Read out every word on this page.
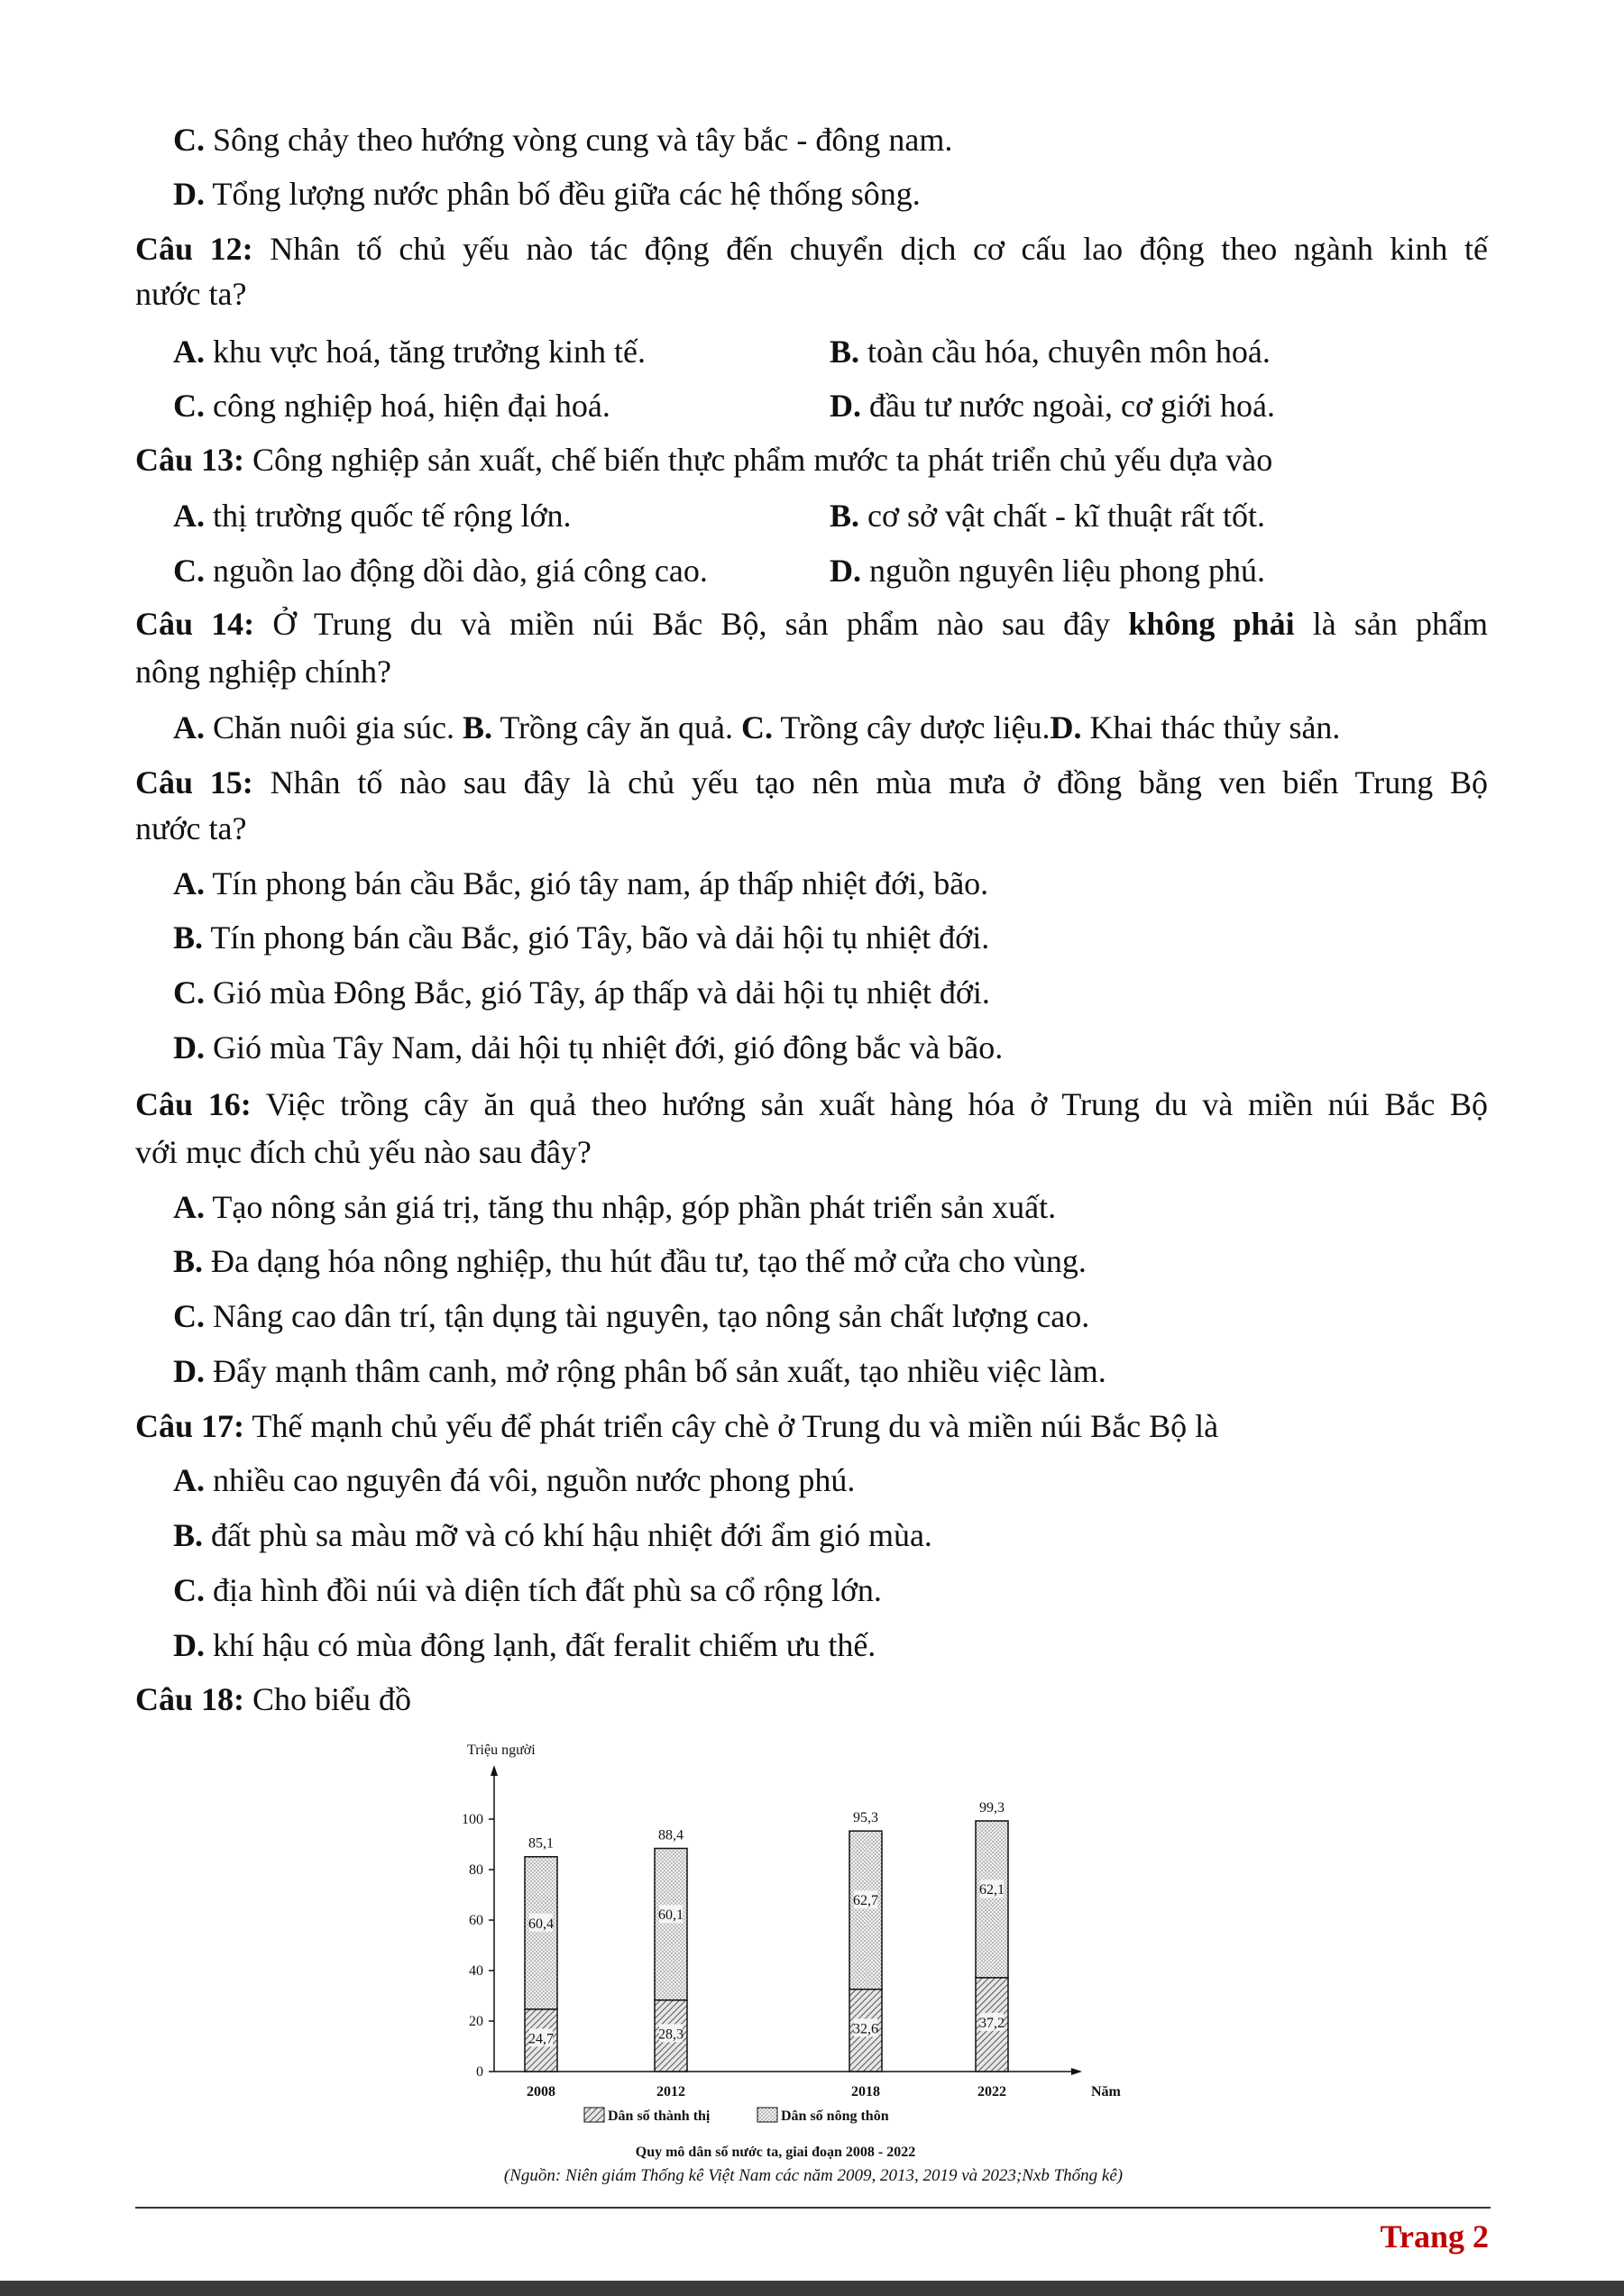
C. Sông chảy theo hướng vòng cung và tây bắc - đông nam.
D. Tổng lượng nước phân bố đều giữa các hệ thống sông.
Câu 12: Nhân tố chủ yếu nào tác động đến chuyển dịch cơ cấu lao động theo ngành kinh tế
nước ta?
A. khu vực hoá, tăng trưởng kinh tế.	B. toàn cầu hóa, chuyên môn hoá.
C. công nghiệp hoá, hiện đại hoá.	D. đầu tư nước ngoài, cơ giới hoá.
Câu 13: Công nghiệp sản xuất, chế biến thực phẩm mước ta phát triển chủ yếu dựa vào
A. thị trường quốc tế rộng lớn.	B. cơ sở vật chất - kĩ thuật rất tốt.
C. nguồn lao động dồi dào, giá công cao.	D. nguồn nguyên liệu phong phú.
Câu 14: Ở Trung du và miền núi Bắc Bộ, sản phẩm nào sau đây không phải là sản phẩm
nông nghiệp chính?
A. Chăn nuôi gia súc. B. Trồng cây ăn quả. C. Trồng cây dược liệu.D. Khai thác thủy sản.
Câu 15: Nhân tố nào sau đây là chủ yếu tạo nên mùa mưa ở đồng bằng ven biển Trung Bộ
nước ta?
A. Tín phong bán cầu Bắc, gió tây nam, áp thấp nhiệt đới, bão.
B. Tín phong bán cầu Bắc, gió Tây, bão và dải hội tụ nhiệt đới.
C. Gió mùa Đông Bắc, gió Tây, áp thấp và dải hội tụ nhiệt đới.
D. Gió mùa Tây Nam, dải hội tụ nhiệt đới, gió đông bắc và bão.
Câu 16: Việc trồng cây ăn quả theo hướng sản xuất hàng hóa ở Trung du và miền núi Bắc Bộ
với mục đích chủ yếu nào sau đây?
A. Tạo nông sản giá trị, tăng thu nhập, góp phần phát triển sản xuất.
B. Đa dạng hóa nông nghiệp, thu hút đầu tư, tạo thế mở cửa cho vùng.
C. Nâng cao dân trí, tận dụng tài nguyên, tạo nông sản chất lượng cao.
D. Đẩy mạnh thâm canh, mở rộng phân bố sản xuất, tạo nhiều việc làm.
Câu 17: Thế mạnh chủ yếu để phát triển cây chè ở Trung du và miền núi Bắc Bộ là
A. nhiều cao nguyên đá vôi, nguồn nước phong phú.
B. đất phù sa màu mỡ và có khí hậu nhiệt đới ẩm gió mùa.
C. địa hình đồi núi và diện tích đất phù sa cổ rộng lớn.
D. khí hậu có mùa đông lạnh, đất feralit chiếm ưu thế.
Câu 18: Cho biểu đồ
Triệu người
Năm
0
20
40
60
80
100
85,1
24,7
60,4
2008
88,4
28,3
60,1
2012
95,3
32,6
62,7
2018
99,3
37,2
62,1
2022
Dân số thành thị	Dân số nông thôn
Quy mô dân số nước ta, giai đoạn 2008 - 2022
(Nguồn: Niên giám Thống kê Việt Nam các năm 2009, 2013, 2019 và 2023;Nxb Thống kê)
Trang 2
